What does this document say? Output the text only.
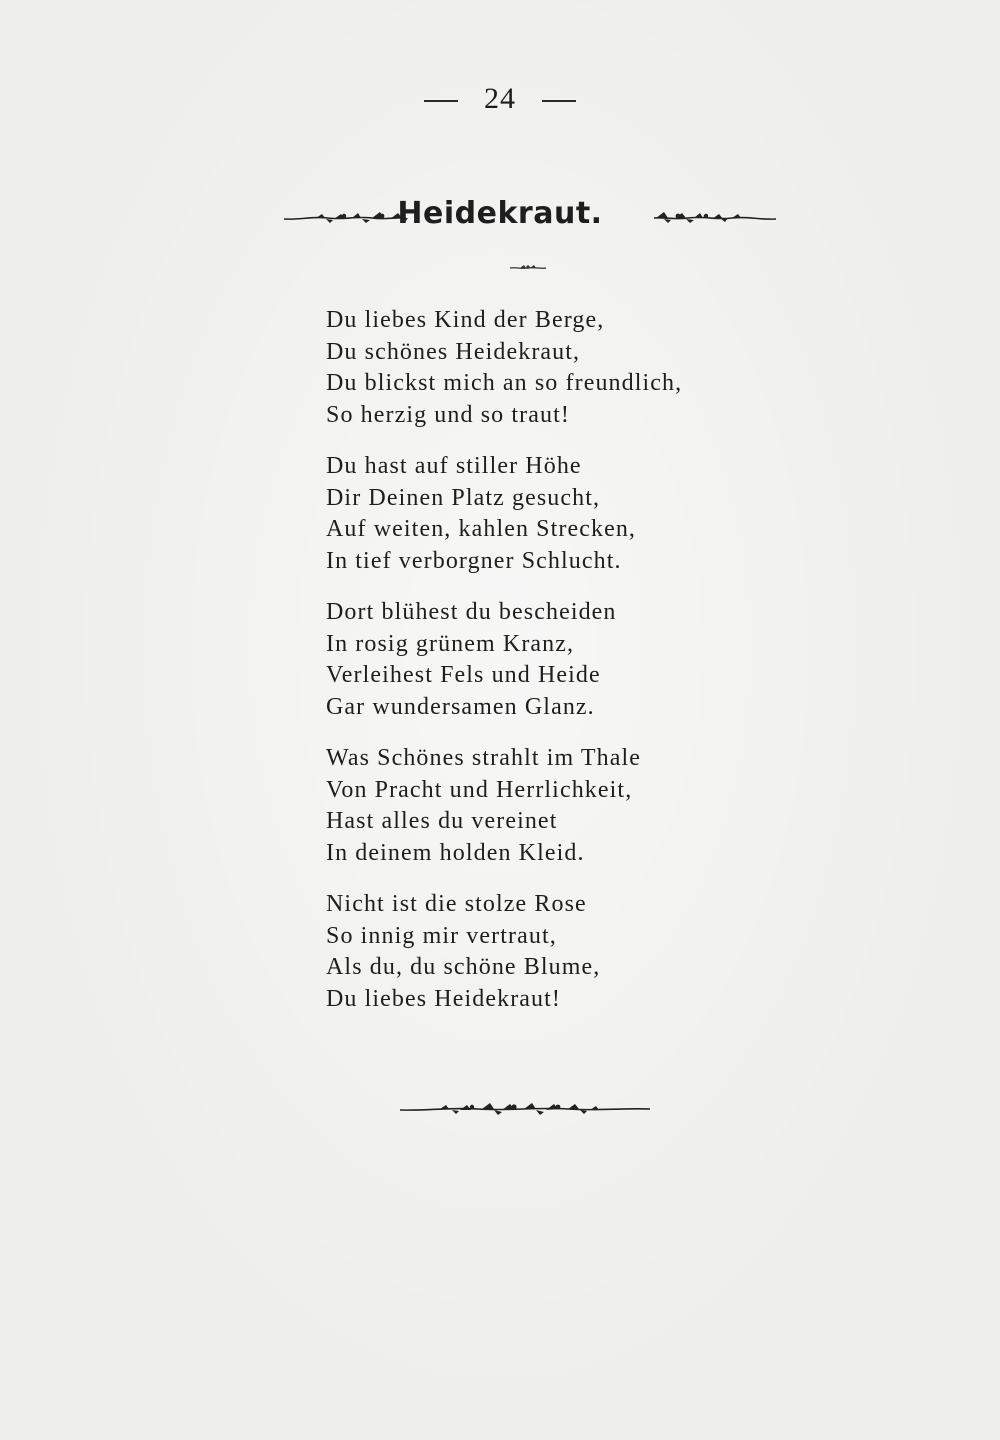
24
Heidekraut.
Du liebes Kind der Berge,
Du schönes Heidekraut,
Du blickst mich an so freundlich,
So herzig und so traut!
Du hast auf stiller Höhe
Dir Deinen Platz gesucht,
Auf weiten, kahlen Strecken,
In tief verborgner Schlucht.
Dort blühest du bescheiden
In rosig grünem Kranz,
Verleihest Fels und Heide
Gar wundersamen Glanz.
Was Schönes strahlt im Thale
Von Pracht und Herrlichkeit,
Hast alles du vereinet
In deinem holden Kleid.
Nicht ist die stolze Rose
So innig mir vertraut,
Als du, du schöne Blume,
Du liebes Heidekraut!
